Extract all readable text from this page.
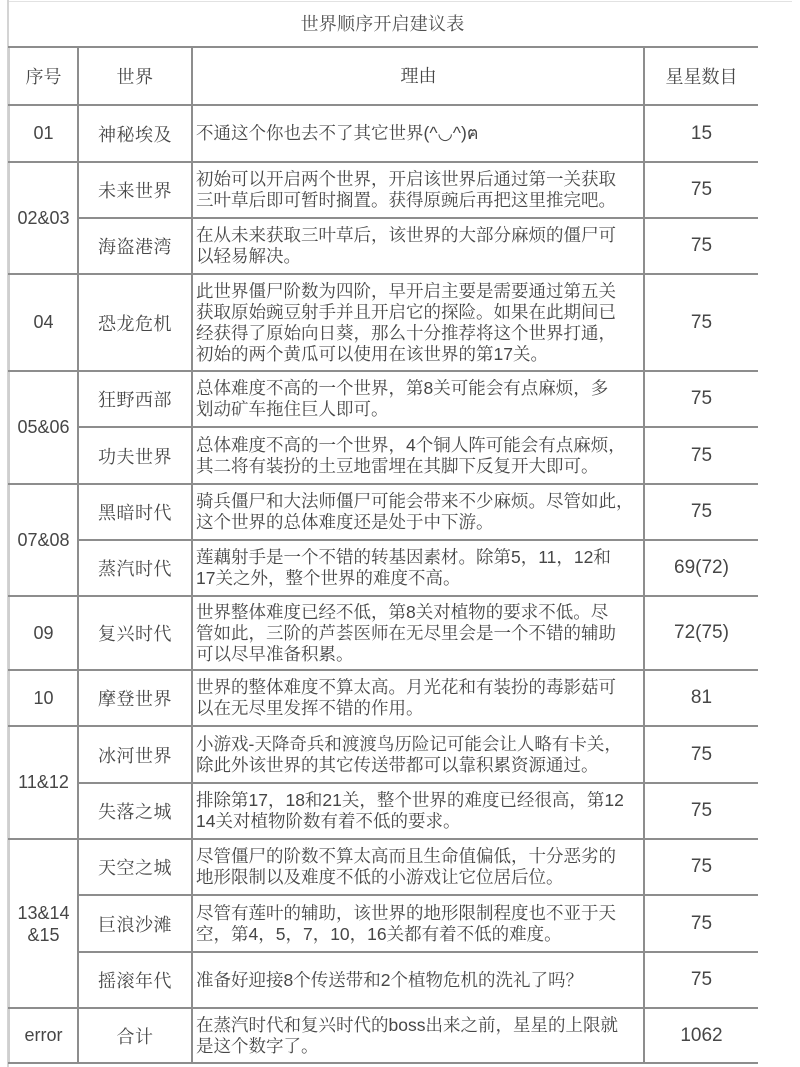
世界顺序开启建议表
序号	世界	理由	星星数目
01	神秘埃及	不通这个你也去不了其它世界(^◡^)ฅ	15
02&03	未来世界	初始可以开启两个世界，开启该世界后通过第一关获取
三叶草后即可暂时搁置。获得原豌后再把这里推完吧。	75
	海盗港湾	在从未来获取三叶草后，该世界的大部分麻烦的僵尸可
以轻易解决。	75
04	恐龙危机	此世界僵尸阶数为四阶，早开启主要是需要通过第五关
获取原始豌豆射手并且开启它的探险。如果在此期间已
经获得了原始向日葵，那么十分推荐将这个世界打通，
初始的两个黄瓜可以使用在该世界的第17关。	75
05&06	狂野西部	总体难度不高的一个世界，第8关可能会有点麻烦，多
划动矿车拖住巨人即可。	75
	功夫世界	总体难度不高的一个世界，4个铜人阵可能会有点麻烦，
其二将有装扮的土豆地雷埋在其脚下反复开大即可。	75
07&08	黑暗时代	骑兵僵尸和大法师僵尸可能会带来不少麻烦。尽管如此，
这个世界的总体难度还是处于中下游。	75
	蒸汽时代	莲藕射手是一个不错的转基因素材。除第5，11，12和
17关之外，整个世界的难度不高。	69(72)
09	复兴时代	世界整体难度已经不低，第8关对植物的要求不低。尽
管如此，三阶的芦荟医师在无尽里会是一个不错的辅助
可以尽早准备积累。	72(75)
10	摩登世界	世界的整体难度不算太高。月光花和有装扮的毒影菇可
以在无尽里发挥不错的作用。	81
11&12	冰河世界	小游戏-天降奇兵和渡渡鸟历险记可能会让人略有卡关，
除此外该世界的其它传送带都可以靠积累资源通过。	75
	失落之城	排除第17，18和21关，整个世界的难度已经很高，第12
14关对植物阶数有着不低的要求。	75
13&14&15	天空之城	尽管僵尸的阶数不算太高而且生命值偏低，十分恶劣的
地形限制以及难度不低的小游戏让它位居后位。	75
	巨浪沙滩	尽管有莲叶的辅助，该世界的地形限制程度也不亚于天
空，第4，5，7，10，16关都有着不低的难度。	75
	摇滚年代	准备好迎接8个传送带和2个植物危机的洗礼了吗？	75
error	合计	在蒸汽时代和复兴时代的boss出来之前，星星的上限就
是这个数字了。	1062
